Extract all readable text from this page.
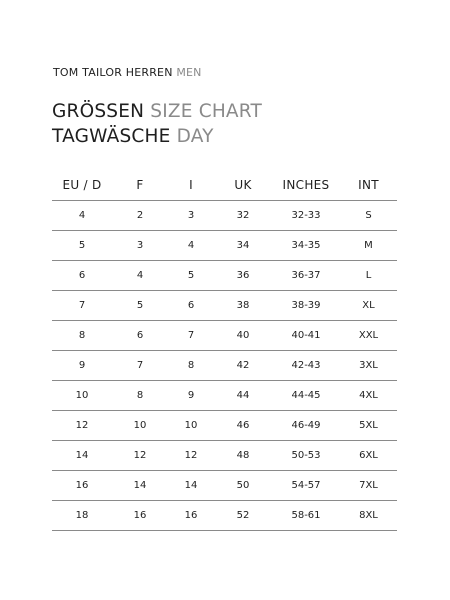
TOM TAILOR HERREN MEN
GRÖSSEN SIZE CHART
TAGWÄSCHE DAY
EU / D	F	I	UK	INCHES	INT
4	2	3	32	32-33	S
5	3	4	34	34-35	M
6	4	5	36	36-37	L
7	5	6	38	38-39	XL
8	6	7	40	40-41	XXL
9	7	8	42	42-43	3XL
10	8	9	44	44-45	4XL
12	10	10	46	46-49	5XL
14	12	12	48	50-53	6XL
16	14	14	50	54-57	7XL
18	16	16	52	58-61	8XL
